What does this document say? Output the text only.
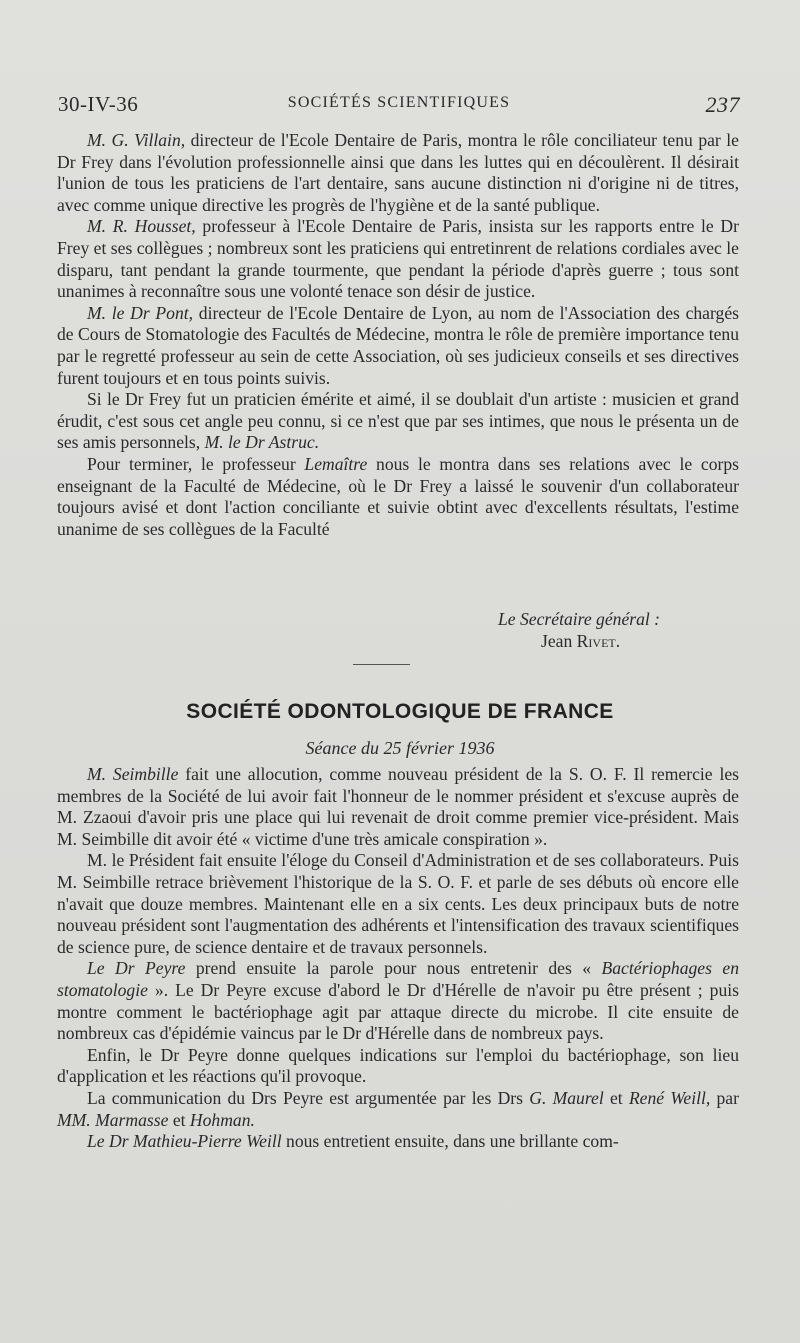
30-IV-36	SOCIÉTÉS SCIENTIFIQUES	237

M. G. Villain, directeur de l'Ecole Dentaire de Paris, montra le rôle conciliateur tenu par le Dr Frey dans l'évolution professionnelle ainsi que dans les luttes qui en découlèrent. Il désirait l'union de tous les praticiens de l'art dentaire, sans aucune distinction ni d'origine ni de titres, avec comme unique directive les progrès de l'hygiène et de la santé publique.

M. R. Housset, professeur à l'Ecole Dentaire de Paris, insista sur les rapports entre le Dr Frey et ses collègues ; nombreux sont les praticiens qui entretinrent de relations cordiales avec le disparu, tant pendant la grande tourmente, que pendant la période d'après guerre ; tous sont unanimes à reconnaître sous une volonté tenace son désir de justice.

M. le Dr Pont, directeur de l'Ecole Dentaire de Lyon, au nom de l'Association des chargés de Cours de Stomatologie des Facultés de Médecine, montra le rôle de première importance tenu par le regretté professeur au sein de cette Association, où ses judicieux conseils et ses directives furent toujours et en tous points suivis.

Si le Dr Frey fut un praticien émérite et aimé, il se doublait d'un artiste : musicien et grand érudit, c'est sous cet angle peu connu, si ce n'est que par ses intimes, que nous le présenta un de ses amis personnels, M. le Dr Astruc.

Pour terminer, le professeur Lemaître nous le montra dans ses relations avec le corps enseignant de la Faculté de Médecine, où le Dr Frey a laissé le souvenir d'un collaborateur toujours avisé et dont l'action conciliante et suivie obtint avec d'excellents résultats, l'estime unanime de ses collègues de la Faculté

Le Secrétaire général :
Jean Rivet.
SOCIÉTÉ ODONTOLOGIQUE DE FRANCE
Séance du 25 février 1936

M. Seimbille fait une allocution, comme nouveau président de la S. O. F. Il remercie les membres de la Société de lui avoir fait l'honneur de le nommer président et s'excuse auprès de M. Zzaoui d'avoir pris une place qui lui revenait de droit comme premier vice-président. Mais M. Seimbille dit avoir été « victime d'une très amicale conspiration ».

M. le Président fait ensuite l'éloge du Conseil d'Administration et de ses collaborateurs. Puis M. Seimbille retrace brièvement l'historique de la S. O. F. et parle de ses débuts où encore elle n'avait que douze membres. Maintenant elle en a six cents. Les deux principaux buts de notre nouveau président sont l'augmentation des adhérents et l'intensification des travaux scientifiques de science pure, de science dentaire et de travaux personnels.

Le Dr Peyre prend ensuite la parole pour nous entretenir des « Bactériophages en stomatologie ». Le Dr Peyre excuse d'abord le Dr d'Hérelle de n'avoir pu être présent ; puis montre comment le bactériophage agit par attaque directe du microbe. Il cite ensuite de nombreux cas d'épidémie vaincus par le Dr d'Hérelle dans de nombreux pays.

Enfin, le Dr Peyre donne quelques indications sur l'emploi du bactériophage, son lieu d'application et les réactions qu'il provoque.

La communication du Drs Peyre est argumentée par les Drs G. Maurel et René Weill, par MM. Marmasse et Hohman.

Le Dr Mathieu-Pierre Weill nous entretient ensuite, dans une brillante com-
